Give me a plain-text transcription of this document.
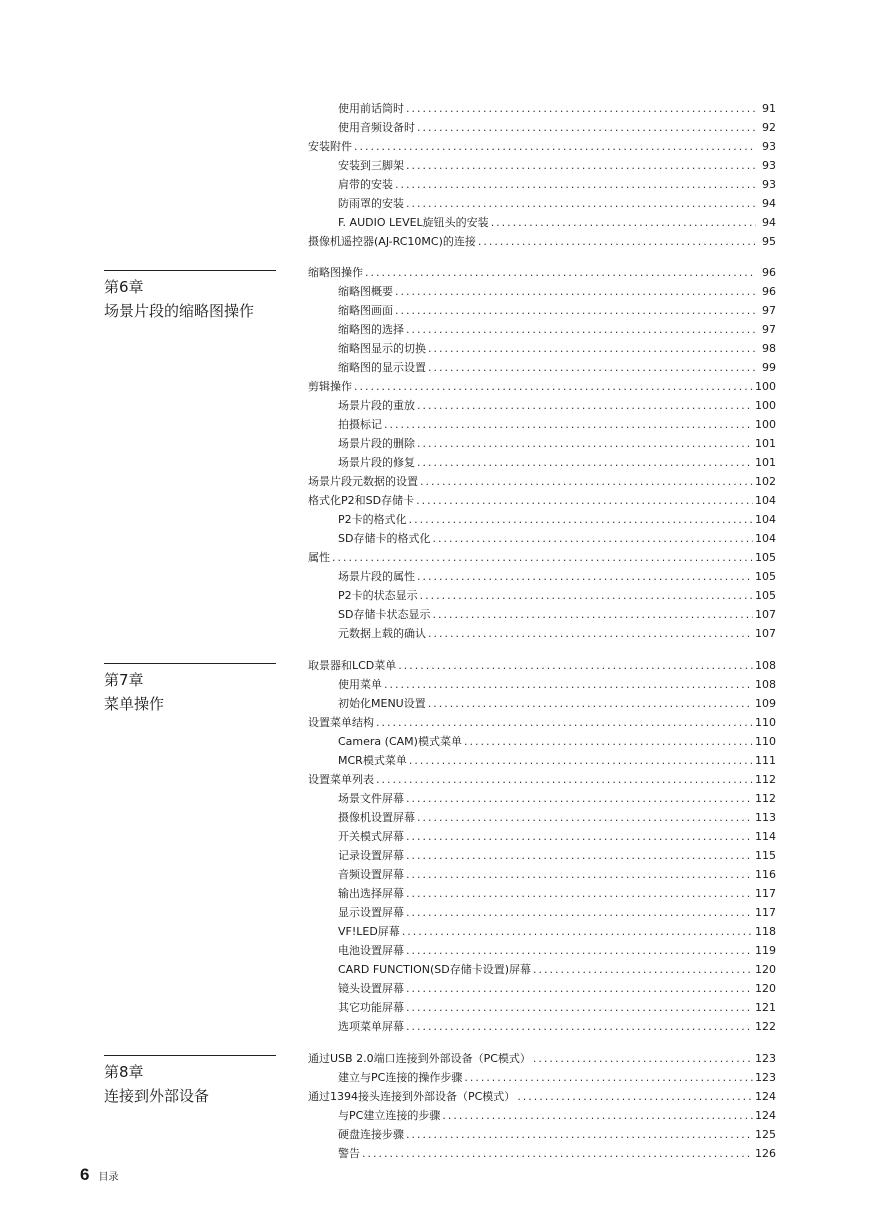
第6章
场景片段的缩略图操作
第7章
菜单操作
第8章
连接到外部设备
使用前话筒时 .....	91
使用音频设备时 .....	92
安装附件 .....	93
安装到三脚架 .....	93
肩带的安装 .....	93
防雨罩的安装 .....	94
F. AUDIO LEVEL旋钮头的安装 .....	94
摄像机遥控器(AJ-RC10MC)的连接 .....	95
缩略图操作 .....	96
缩略图概要 .....	96
缩略图画面 .....	97
缩略图的选择 .....	97
缩略图显示的切换 .....	98
缩略图的显示设置 .....	99
剪辑操作 .....	100
场景片段的重放 .....	100
拍摄标记 .....	100
场景片段的删除 .....	101
场景片段的修复 .....	101
场景片段元数据的设置 .....	102
格式化P2和SD存储卡 .....	104
P2卡的格式化 .....	104
SD存储卡的格式化 .....	104
属性 .....	105
场景片段的属性 .....	105
P2卡的状态显示 .....	105
SD存储卡状态显示 .....	107
元数据上载的确认 .....	107
取景器和LCD菜单 .....	108
使用菜单 .....	108
初始化MENU设置 .....	109
设置菜单结构 .....	110
Camera (CAM)模式菜单 .....	110
MCR模式菜单 .....	111
设置菜单列表 .....	112
场景文件屏幕 .....	112
摄像机设置屏幕 .....	113
开关模式屏幕 .....	114
记录设置屏幕 .....	115
音频设置屏幕 .....	116
输出选择屏幕 .....	117
显示设置屏幕 .....	117
VF!LED屏幕 .....	118
电池设置屏幕 .....	119
CARD FUNCTION(SD存储卡设置)屏幕 .....	120
镜头设置屏幕 .....	120
其它功能屏幕 .....	121
选项菜单屏幕 .....	122
通过USB 2.0端口连接到外部设备（PC模式） .....	123
建立与PC连接的操作步骤 .....	123
通过1394接头连接到外部设备（PC模式） .....	124
与PC建立连接的步骤 .....	124
硬盘连接步骤 .....	125
警告 .....	126
6 目录
